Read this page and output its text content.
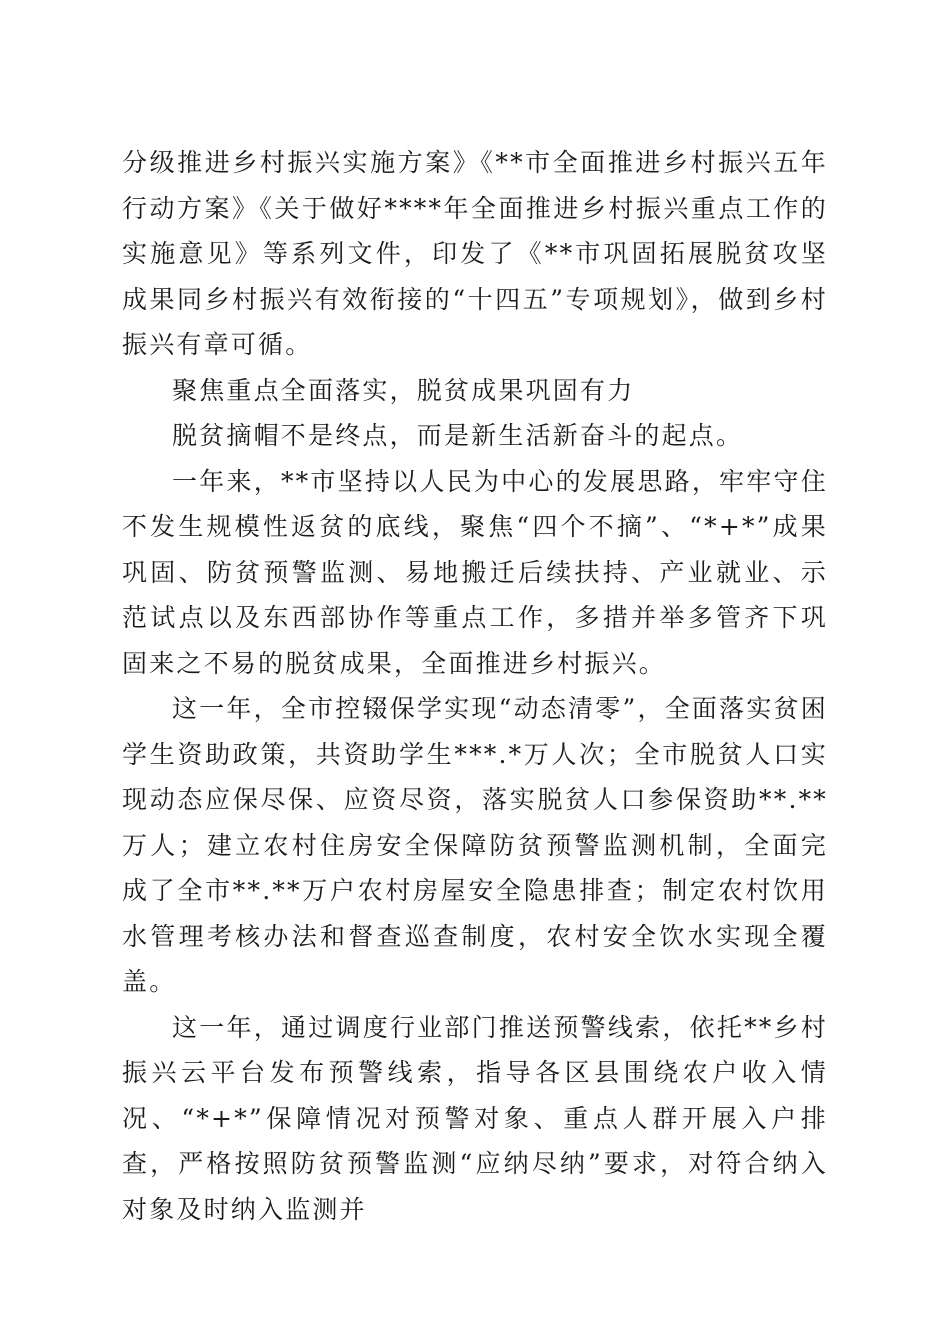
分级推进乡村振兴实施方案》《**市全面推进乡村振兴五年行动方案》《关于做好****年全面推进乡村振兴重点工作的实施意见》等系列文件，印发了《**市巩固拓展脱贫攻坚成果同乡村振兴有效衔接的“十四五”专项规划》，做到乡村振兴有章可循。

聚焦重点全面落实，脱贫成果巩固有力

脱贫摘帽不是终点，而是新生活新奋斗的起点。

一年来，**市坚持以人民为中心的发展思路，牢牢守住不发生规模性返贫的底线，聚焦“四个不摘”、“*+*”成果巩固、防贫预警监测、易地搬迁后续扶持、产业就业、示范试点以及东西部协作等重点工作，多措并举多管齐下巩固来之不易的脱贫成果，全面推进乡村振兴。

这一年，全市控辍保学实现“动态清零”，全面落实贫困学生资助政策，共资助学生***.*万人次；全市脱贫人口实现动态应保尽保、应资尽资，落实脱贫人口参保资助**.**万人；建立农村住房安全保障防贫预警监测机制，全面完成了全市**.**万户农村房屋安全隐患排查；制定农村饮用水管理考核办法和督查巡查制度，农村安全饮水实现全覆盖。

这一年，通过调度行业部门推送预警线索，依托**乡村振兴云平台发布预警线索，指导各区县围绕农户收入情况、“*+*”保障情况对预警对象、重点人群开展入户排查，严格按照防贫预警监测“应纳尽纳”要求，对符合纳入对象及时纳入监测并
